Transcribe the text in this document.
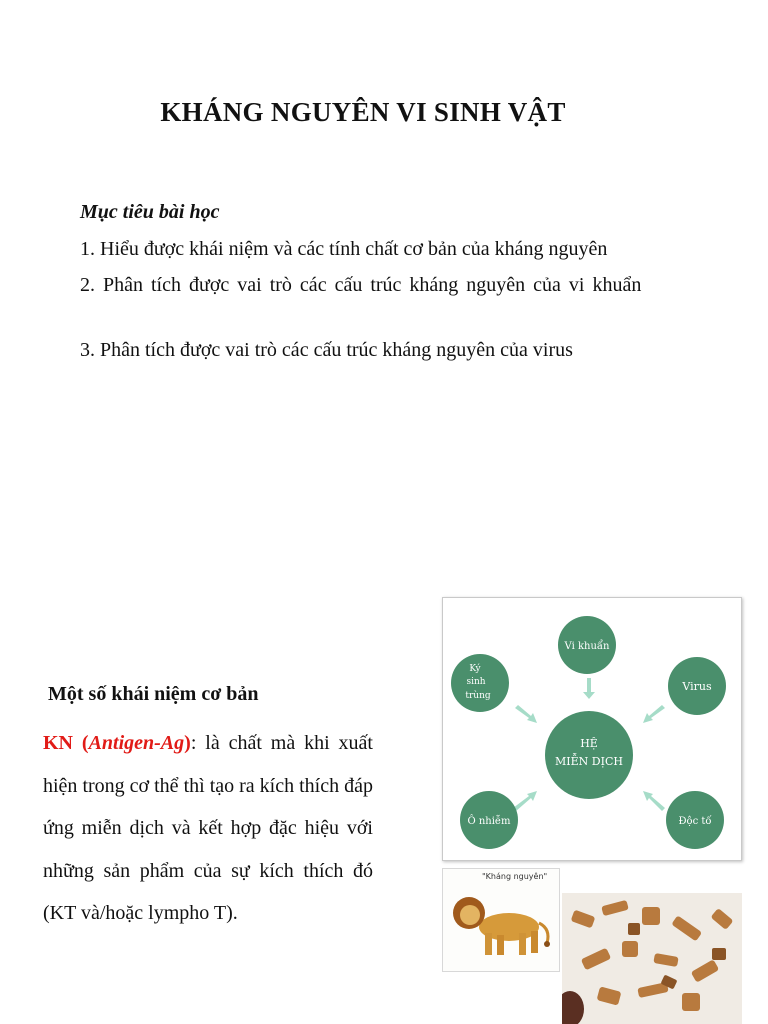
KHÁNG NGUYÊN VI SINH VẬT
Mục tiêu bài học
1. Hiểu được khái niệm và các tính chất cơ bản của kháng nguyên
2. Phân tích được vai trò các cấu trúc kháng nguyên của vi khuẩn
3. Phân tích được vai trò các cấu trúc kháng nguyên của virus
Một số khái niệm cơ bản
KN (Antigen-Ag): là chất mà khi xuất hiện trong cơ thể thì tạo ra kích thích đáp ứng miễn dịch và kết hợp đặc hiệu với những sản phẩm của sự kích thích đó (KT và/hoặc lympho T).
HỆ
MIỄN DỊCH
Vi khuẩn
Ký
sinh
trùng
Virus
Ô nhiễm	Độc tố
"Kháng nguyên"
